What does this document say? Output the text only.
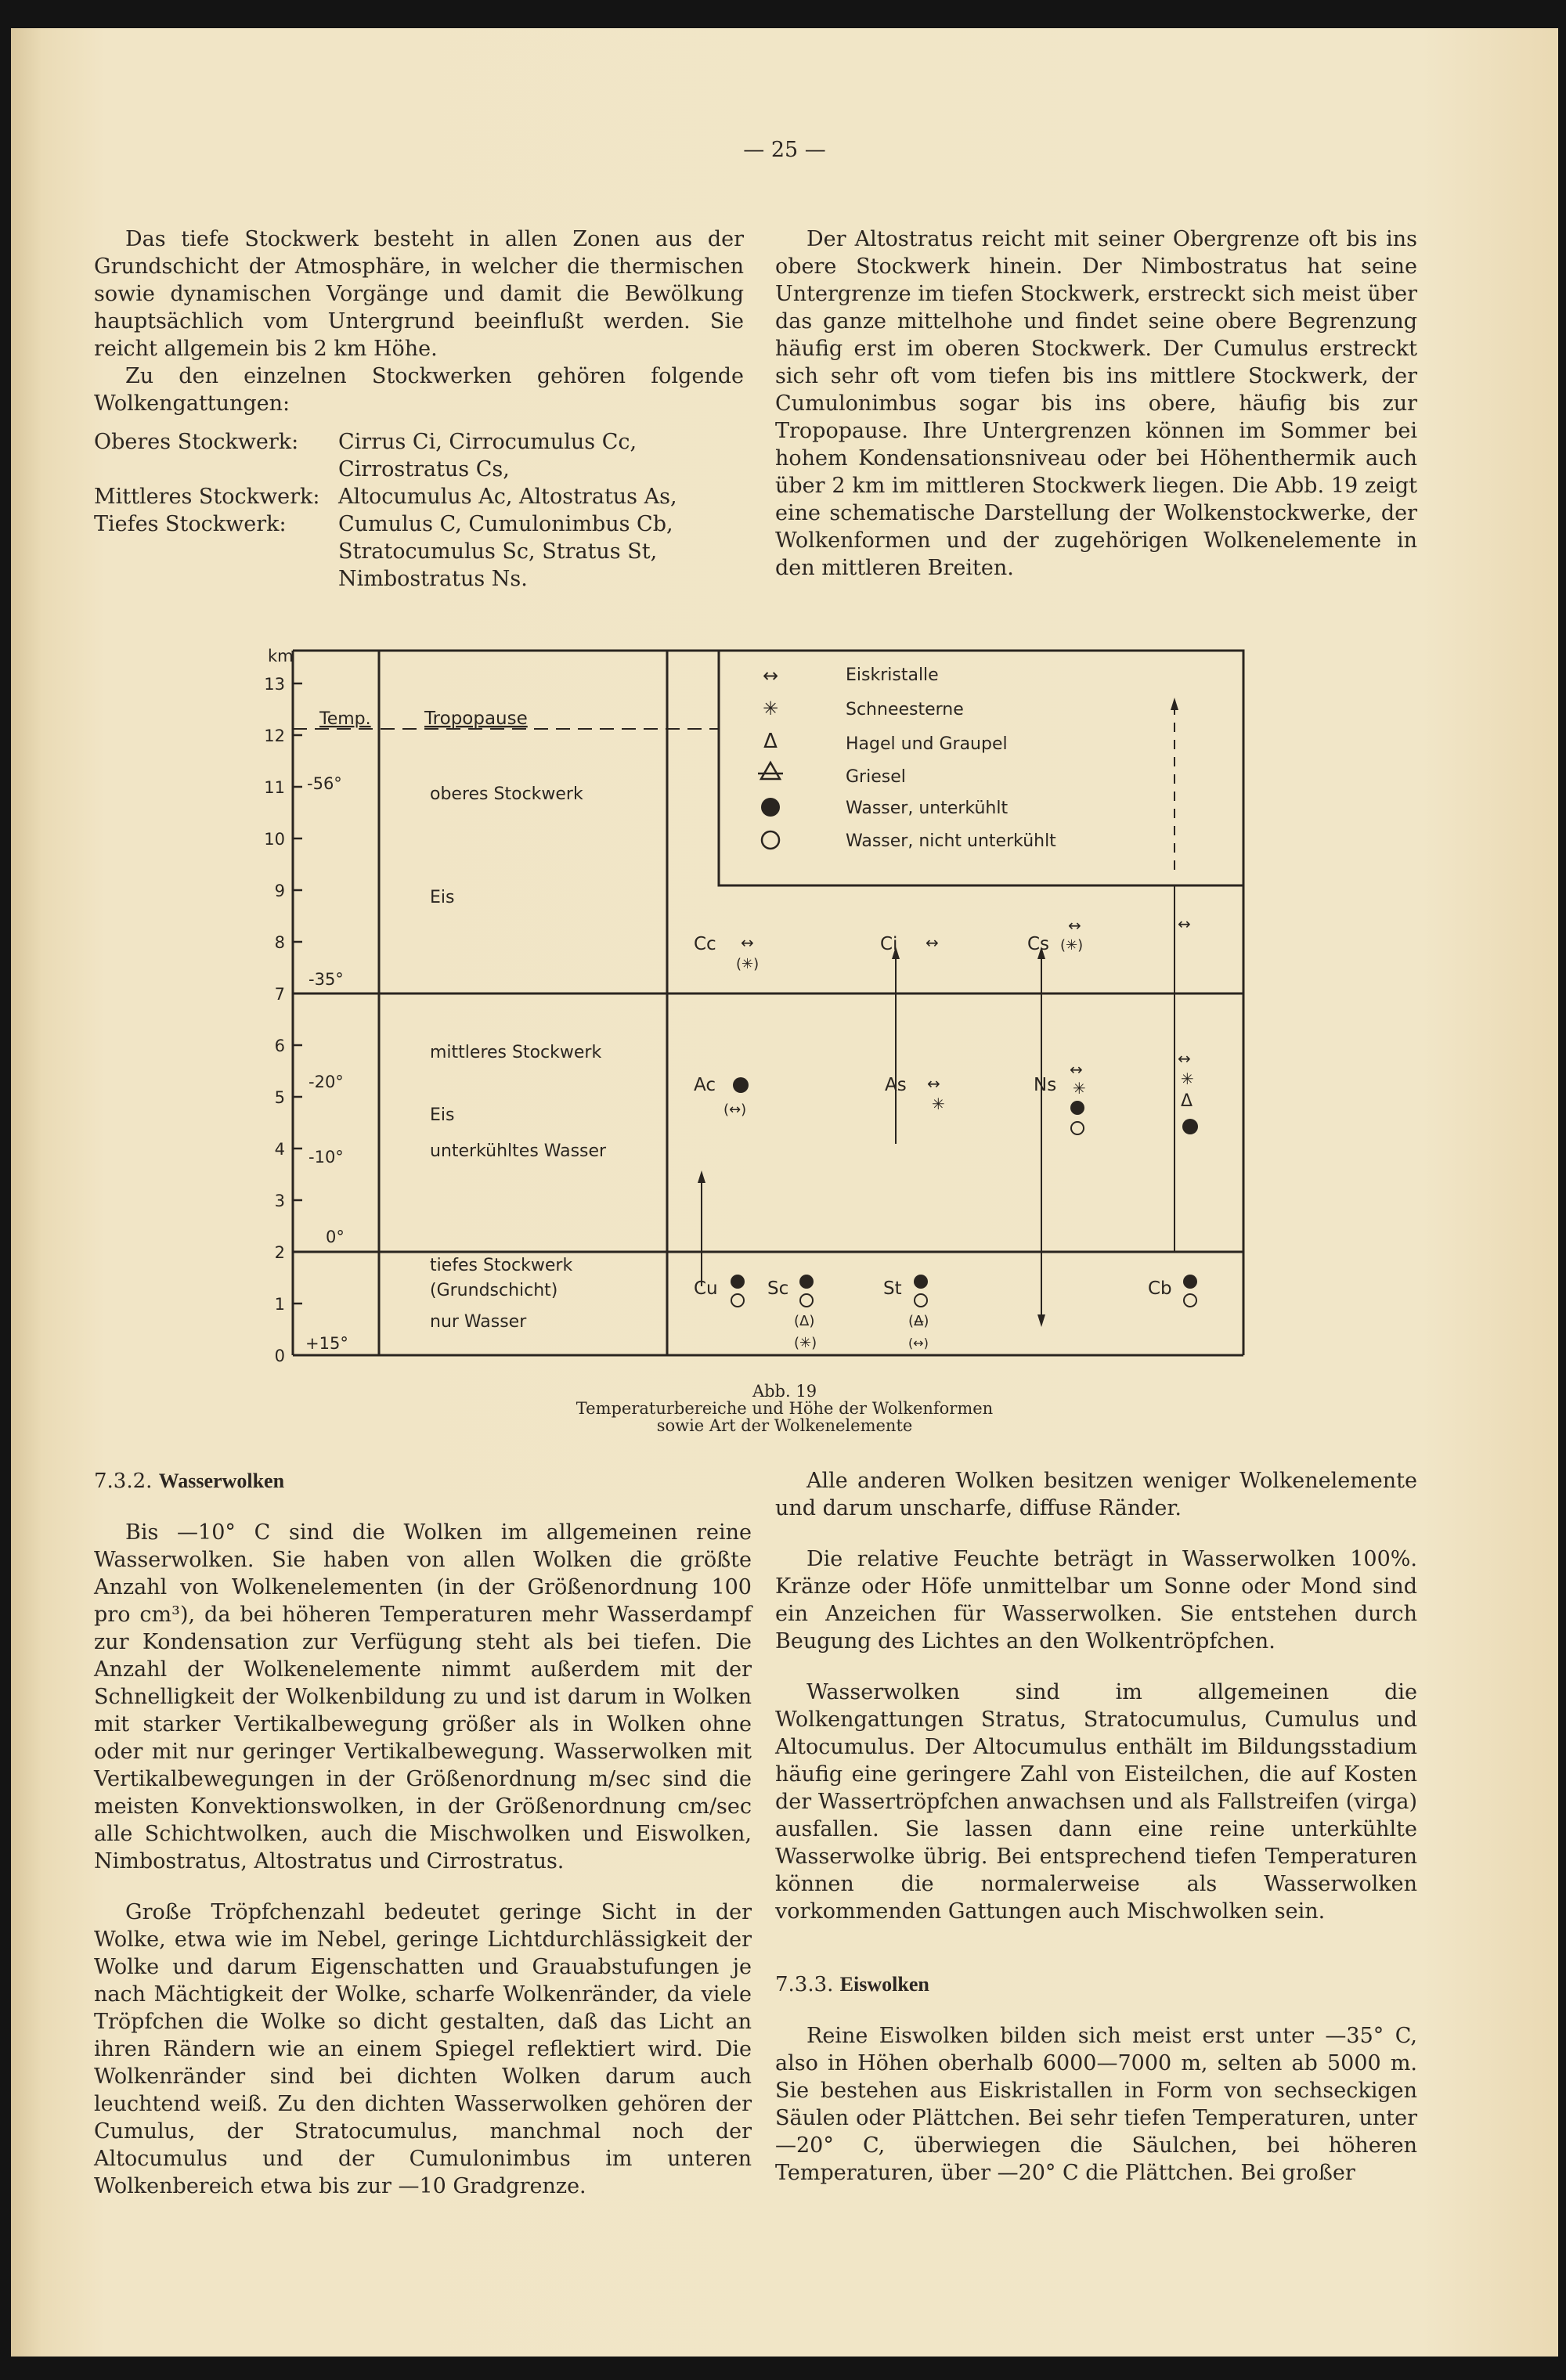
— 25 —

Das tiefe Stockwerk besteht in allen Zonen aus der Grundschicht der Atmosphäre, in welcher die thermischen sowie dynamischen Vorgänge und damit die Bewölkung hauptsächlich vom Untergrund beeinflußt werden. Sie reicht allgemein bis 2 km Höhe.

Zu den einzelnen Stockwerken gehören folgende Wolkengattungen:

Oberes Stockwerk:	Cirrus Ci, Cirrocumulus Cc, Cirrostratus Cs,
Mittleres Stockwerk: Altocumulus Ac, Altostratus As,
Tiefes Stockwerk:	Cumulus C, Cumulonimbus Cb, Stratocumulus Sc, Stratus St, Nimbostratus Ns.

Der Altostratus reicht mit seiner Obergrenze oft bis ins obere Stockwerk hinein. Der Nimbostratus hat seine Untergrenze im tiefen Stockwerk, erstreckt sich meist über das ganze mittelhohe und findet seine obere Begrenzung häufig erst im oberen Stockwerk. Der Cumulus erstreckt sich sehr oft vom tiefen bis ins mittlere Stockwerk, der Cumulonimbus sogar bis ins obere, häufig bis zur Tropopause. Ihre Untergrenzen können im Sommer bei hohem Kondensationsniveau oder bei Höhenthermik auch über 2 km im mittleren Stockwerk liegen. Die Abb. 19 zeigt eine schematische Darstellung der Wolkenstockwerke, der Wolkenformen und der zugehörigen Wolkenelemente in den mittleren Breiten.

km
0
1
2
3
4
5
6
7
8
9
10
11
12
13
Temp.
-56°
-35°
-20°
-10°
0°
+15°
Tropopause
oberes Stockwerk
Eis
mittleres Stockwerk
Eis
unterkühltes Wasser
tiefes Stockwerk
(Grundschicht)
nur Wasser
↔	Eiskristalle
✳	Schneesterne
Δ	Hagel und Graupel
Griesel
Wasser, unterkühlt
Wasser, nicht unterkühlt
Cc ↔
(✳)
Ci ↔	Cs
↔
(✳)
↔
Ac
(↔)
As ↔
✳
Ns
↔
✳
↔
✳
Δ
Cu	Sc
(Δ)
(✳)
St
(Δ̶)
(↔)
Cb
Abb. 19
Temperaturbereiche und Höhe der Wolkenformen
sowie Art der Wolkenelemente

7.3.2. Wasserwolken

Bis —10° C sind die Wolken im allgemeinen reine Wasserwolken. Sie haben von allen Wolken die größte Anzahl von Wolkenelementen (in der Größenordnung 100 pro cm³), da bei höheren Temperaturen mehr Wasserdampf zur Kondensation zur Verfügung steht als bei tiefen. Die Anzahl der Wolkenelemente nimmt außerdem mit der Schnelligkeit der Wolkenbildung zu und ist darum in Wolken mit starker Vertikalbewegung größer als in Wolken ohne oder mit nur geringer Vertikalbewegung. Wasserwolken mit Vertikalbewegungen in der Größenordnung m/sec sind die meisten Konvektionswolken, in der Größenordnung cm/sec alle Schichtwolken, auch die Mischwolken und Eiswolken, Nimbostratus, Altostratus und Cirrostratus.

Große Tröpfchenzahl bedeutet geringe Sicht in der Wolke, etwa wie im Nebel, geringe Lichtdurchlässigkeit der Wolke und darum Eigenschatten und Grauabstufungen je nach Mächtigkeit der Wolke, scharfe Wolkenränder, da viele Tröpfchen die Wolke so dicht gestalten, daß das Licht an ihren Rändern wie an einem Spiegel reflektiert wird. Die Wolkenränder sind bei dichten Wolken darum auch leuchtend weiß. Zu den dichten Wasserwolken gehören der Cumulus, der Stratocumulus, manchmal noch der Altocumulus und der Cumulonimbus im unteren Wolkenbereich etwa bis zur —10 Gradgrenze.

Alle anderen Wolken besitzen weniger Wolkenelemente und darum unscharfe, diffuse Ränder.

Die relative Feuchte beträgt in Wasserwolken 100%. Kränze oder Höfe unmittelbar um Sonne oder Mond sind ein Anzeichen für Wasserwolken. Sie entstehen durch Beugung des Lichtes an den Wolkentröpfchen.

Wasserwolken sind im allgemeinen die Wolkengattungen Stratus, Stratocumulus, Cumulus und Altocumulus. Der Altocumulus enthält im Bildungsstadium häufig eine geringere Zahl von Eisteilchen, die auf Kosten der Wassertröpfchen anwachsen und als Fallstreifen (virga) ausfallen. Sie lassen dann eine reine unterkühlte Wasserwolke übrig. Bei entsprechend tiefen Temperaturen können die normalerweise als Wasserwolken vorkommenden Gattungen auch Mischwolken sein.

7.3.3. Eiswolken

Reine Eiswolken bilden sich meist erst unter —35° C, also in Höhen oberhalb 6000—7000 m, selten ab 5000 m. Sie bestehen aus Eiskristallen in Form von sechseckigen Säulen oder Plättchen. Bei sehr tiefen Temperaturen, unter —20° C, überwiegen die Säulchen, bei höheren Temperaturen, über —20° C die Plättchen. Bei großer
